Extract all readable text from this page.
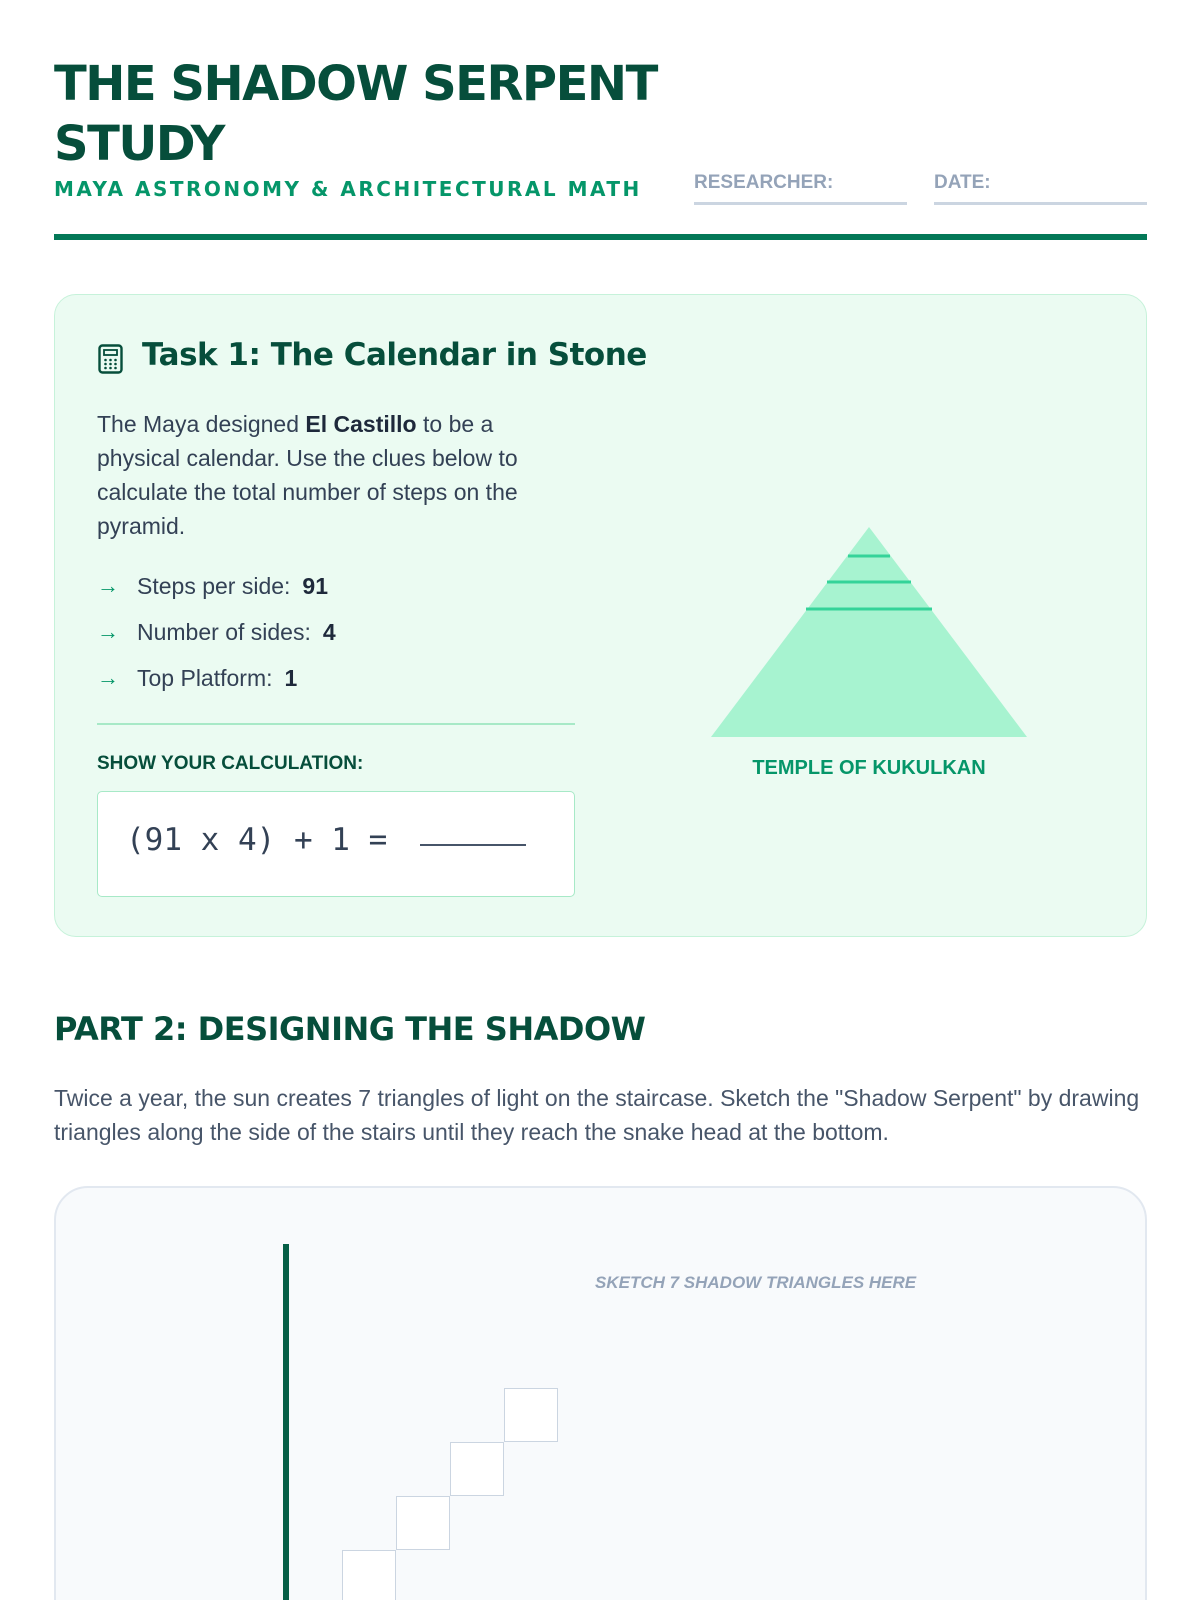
THE SHADOW SERPENT STUDY
MAYA ASTRONOMY & ARCHITECTURAL MATH	RESEARCHER:	DATE:
Task 1: The Calendar in Stone

The Maya designed El Castillo to be a physical calendar. Use the clues below to calculate the total number of steps on the pyramid.

→ Steps per side: 91
→ Number of sides: 4
→ Top Platform: 1
SHOW YOUR CALCULATION:
(91 x 4) + 1 =
TEMPLE OF KUKULKAN
PART 2: DESIGNING THE SHADOW

Twice a year, the sun creates 7 triangles of light on the staircase. Sketch the "Shadow Serpent" by drawing triangles along the side of the stairs until they reach the snake head at the bottom.

SKETCH 7 SHADOW TRIANGLES HERE
